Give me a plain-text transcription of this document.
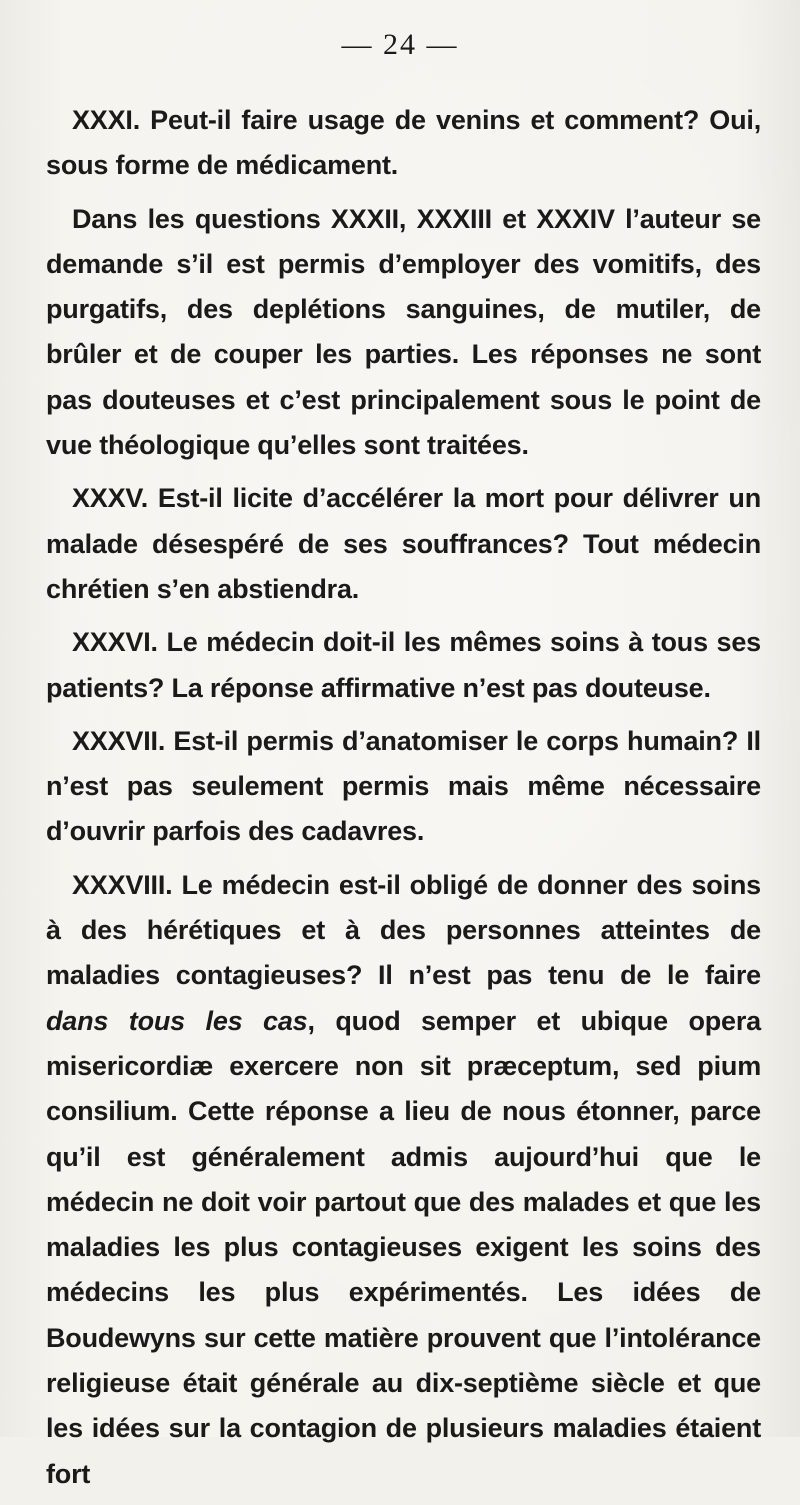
— 24 —

XXXI. Peut-il faire usage de venins et comment? Oui, sous forme de médicament.

Dans les questions XXXII, XXXIII et XXXIV l’auteur se demande s’il est permis d’employer des vomitifs, des purgatifs, des deplétions sanguines, de mutiler, de brûler et de couper les parties. Les réponses ne sont pas douteuses et c’est principalement sous le point de vue théologique qu’elles sont traitées.

XXXV. Est-il licite d’accélérer la mort pour délivrer un malade désespéré de ses souffrances? Tout médecin chrétien s’en abstiendra.

XXXVI. Le médecin doit-il les mêmes soins à tous ses patients? La réponse affirmative n’est pas douteuse.

XXXVII. Est-il permis d’anatomiser le corps humain? Il n’est pas seulement permis mais même nécessaire d’ouvrir parfois des cadavres.

XXXVIII. Le médecin est-il obligé de donner des soins à des hérétiques et à des personnes atteintes de maladies contagieuses? Il n’est pas tenu de le faire dans tous les cas, quod semper et ubique opera misericordiæ exercere non sit præceptum, sed pium consilium. Cette réponse a lieu de nous étonner, parce qu’il est généralement admis aujourd’hui que le médecin ne doit voir partout que des malades et que les maladies les plus contagieuses exigent les soins des médecins les plus expérimentés. Les idées de Boudewyns sur cette matière prouvent que l’intolérance religieuse était générale au dix-septième siècle et que les idées sur la contagion de plusieurs maladies étaient fort
